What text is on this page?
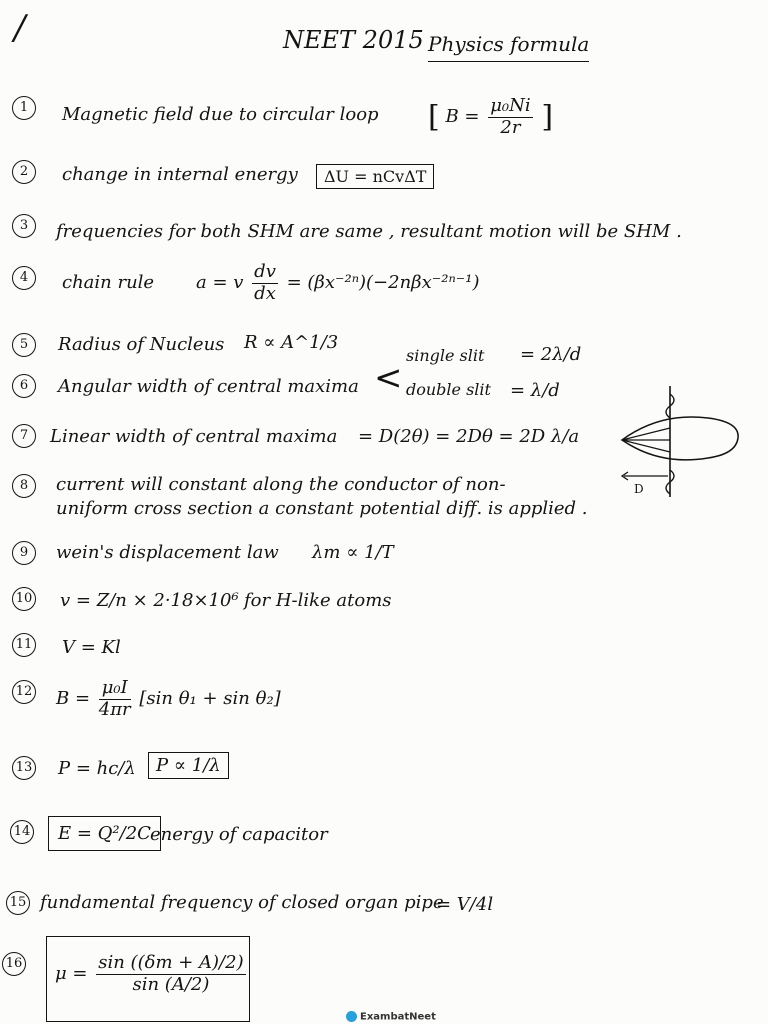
/	NEET 2015 Physics formula
1	Magnetic field due to circular loop [ $B = \frac{\text{μ₀Ni}}{2r}$ ]
2	change in internal energy	ΔU = nCvΔT
3	frequencies for both SHM are same , resultant motion will be SHM .
4	chain rule a = v $\frac{dv}{dx} = (\beta x^{-2n})(-2n\beta x^{-2n-1})$
5	Radius of Nucleus R ∝ A^1/3
6	Angular width of central maxima <
single slit = 2λ/d
double slit = λ/d
7	Linear width of central maxima = D(2θ) = 2Dθ = 2D λ/a
D
8	current will constant along the conductor of non-
uniform cross section a constant potential diff. is applied .
9	wein's displacement law λm ∝ 1/T
10 v = Z/n × 2·18×10⁶ for H-like atoms
11 V = Kl
12 $B = \frac{\text{μ₀I}}{4\pi r} [\sin$ θ₁ + sin θ₂]
13 P = hc/λ	P ∝ 1/λ
14	E = Q²/2C energy of capacitor
15 fundamental frequency of closed organ pipe
= V/4l
16 $\mu = \frac{\sin ((\delta m + A)/2)}{\sin (A/2)}$
ExambatNeet
